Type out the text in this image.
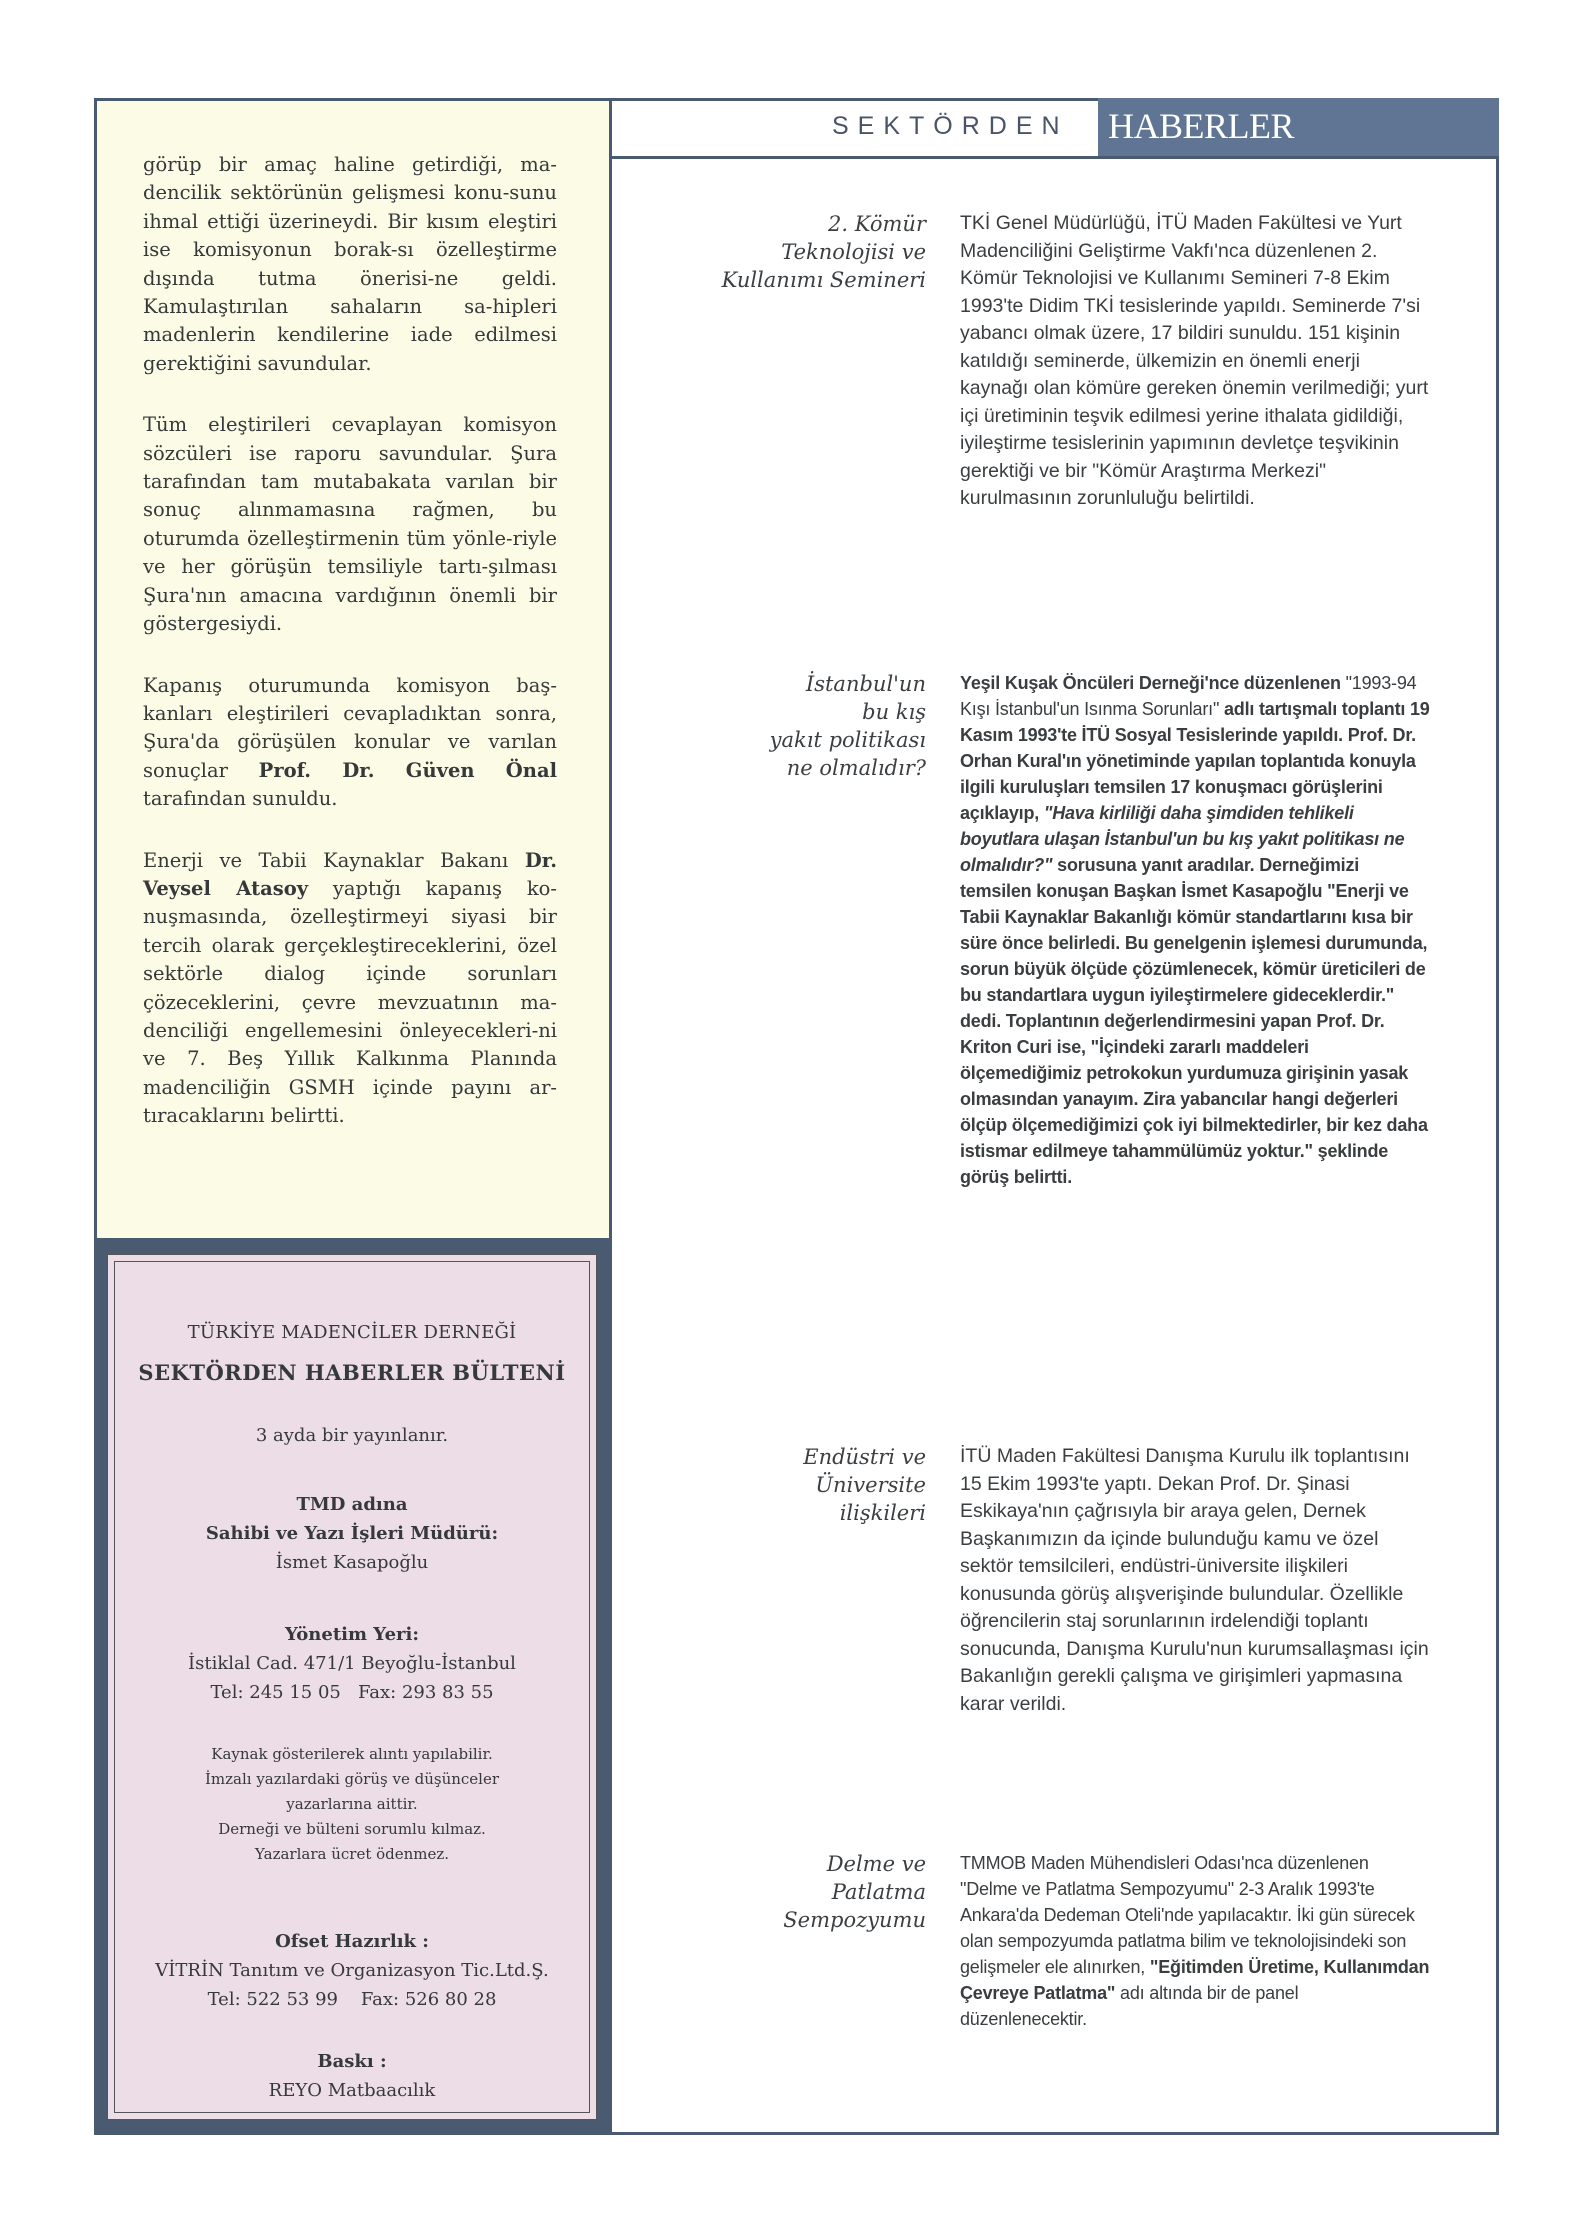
görüp bir amaç haline getirdiği, ma-dencilik sektörünün gelişmesi konu-sunu ihmal ettiği üzerineydi. Bir kısım eleştiri ise komisyonun borak-sı özelleştirme dışında tutma önerisi-ne geldi. Kamulaştırılan sahaların sa-hipleri madenlerin kendilerine iade edilmesi gerektiğini savundular.

Tüm eleştirileri cevaplayan komisyon sözcüleri ise raporu savundular. Şura tarafından tam mutabakata varılan bir sonuç alınmamasına rağmen, bu oturumda özelleştirmenin tüm yönle-riyle ve her görüşün temsiliyle tartı-şılması Şura'nın amacına vardığının önemli bir göstergesiydi.

Kapanış oturumunda komisyon baş-kanları eleştirileri cevapladıktan sonra, Şura'da görüşülen konular ve varılan sonuçlar Prof. Dr. Güven Önal tarafından sunuldu.

Enerji ve Tabii Kaynaklar Bakanı Dr. Veysel Atasoy yaptığı kapanış ko-nuşmasında, özelleştirmeyi siyasi bir tercih olarak gerçekleştireceklerini, özel sektörle dialog içinde sorunları çözeceklerini, çevre mevzuatının ma-denciliği engellemesini önleyecekleri-ni ve 7. Beş Yıllık Kalkınma Planında madenciliğin GSMH içinde payını ar-tıracaklarını belirtti.

TÜRKİYE MADENCİLER DERNEĞİ
SEKTÖRDEN HABERLER BÜLTENİ
3 ayda bir yayınlanır.
TMD adına
Sahibi ve Yazı İşleri Müdürü:
İsmet Kasapoğlu
Yönetim Yeri:
İstiklal Cad. 471/1 Beyoğlu-İstanbul
Tel: 245 15 05   Fax: 293 83 55
Kaynak gösterilerek alıntı yapılabilir.
İmzalı yazılardaki görüş ve düşünceler
yazarlarına aittir.
Derneği ve bülteni sorumlu kılmaz.
Yazarlara ücret ödenmez.
Ofset Hazırlık :
VİTRİN Tanıtım ve Organizasyon Tic.Ltd.Ş.
Tel: 522 53 99    Fax: 526 80 28
Baskı :
REYO Matbaacılık
SEKTÖRDEN HABERLER
2. Kömür
Teknolojisi ve
Kullanımı Semineri
TKİ Genel Müdürlüğü, İTÜ Maden Fakültesi ve Yurt Madenciliğini Geliştirme Vakfı'nca düzenlenen 2. Kömür Teknolojisi ve Kullanımı Semineri 7-8 Ekim 1993'te Didim TKİ tesislerinde yapıldı. Seminerde 7'si yabancı olmak üzere, 17 bildiri sunuldu. 151 kişinin katıldığı seminerde, ülkemizin en önemli enerji kaynağı olan kömüre gereken önemin verilmediği; yurt içi üretiminin teşvik edilmesi yerine ithalata gidildiği, iyileştirme tesislerinin yapımının devletçe teşvikinin gerektiği ve bir "Kömür Araştırma Merkezi" kurulmasının zorunluluğu belirtildi.
İstanbul'un
bu kış
yakıt politikası
ne olmalıdır?
Yeşil Kuşak Öncüleri Derneği'nce düzenlenen "1993-94 Kışı İstanbul'un Isınma Sorunları" adlı tartışmalı toplantı 19 Kasım 1993'te İTÜ Sosyal Tesislerinde yapıldı. Prof. Dr. Orhan Kural'ın yönetiminde yapılan toplantıda konuyla ilgili kuruluşları temsilen 17 konuşmacı görüşlerini açıklayıp, "Hava kirliliği daha şimdiden tehlikeli boyutlara ulaşan İstanbul'un bu kış yakıt politikası ne olmalıdır?" sorusuna yanıt aradılar. Derneğimizi temsilen konuşan Başkan İsmet Kasapoğlu "Enerji ve Tabii Kaynaklar Bakanlığı kömür standartlarını kısa bir süre önce belirledi. Bu genelgenin işlemesi durumunda, sorun büyük ölçüde çözümlenecek, kömür üreticileri de bu standartlara uygun iyileştirmelere gideceklerdir." dedi. Toplantının değerlendirmesini yapan Prof. Dr. Kriton Curi ise, "İçindeki zararlı maddeleri ölçemediğimiz petrokokun yurdumuza girişinin yasak olmasından yanayım. Zira yabancılar hangi değerleri ölçüp ölçemediğimizi çok iyi bilmektedirler, bir kez daha istismar edilmeye tahammülümüz yoktur." şeklinde görüş belirtti.
Endüstri ve
Üniversite
ilişkileri
İTÜ Maden Fakültesi Danışma Kurulu ilk toplantısını 15 Ekim 1993'te yaptı. Dekan Prof. Dr. Şinasi Eskikaya'nın çağrısıyla bir araya gelen, Dernek Başkanımızın da içinde bulunduğu kamu ve özel sektör temsilcileri, endüstri-üniversite ilişkileri konusunda görüş alışverişinde bulundular. Özellikle öğrencilerin staj sorunlarının irdelendiği toplantı sonucunda, Danışma Kurulu'nun kurumsallaşması için Bakanlığın gerekli çalışma ve girişimleri yapmasına karar verildi.
Delme ve
Patlatma
Sempozyumu
TMMOB Maden Mühendisleri Odası'nca düzenlenen "Delme ve Patlatma Sempozyumu" 2-3 Aralık 1993'te Ankara'da Dedeman Oteli'nde yapılacaktır. İki gün sürecek olan sempozyumda patlatma bilim ve teknolojisindeki son gelişmeler ele alınırken, "Eğitimden Üretime, Kullanımdan Çevreye Patlatma" adı altında bir de panel düzenlenecektir.
